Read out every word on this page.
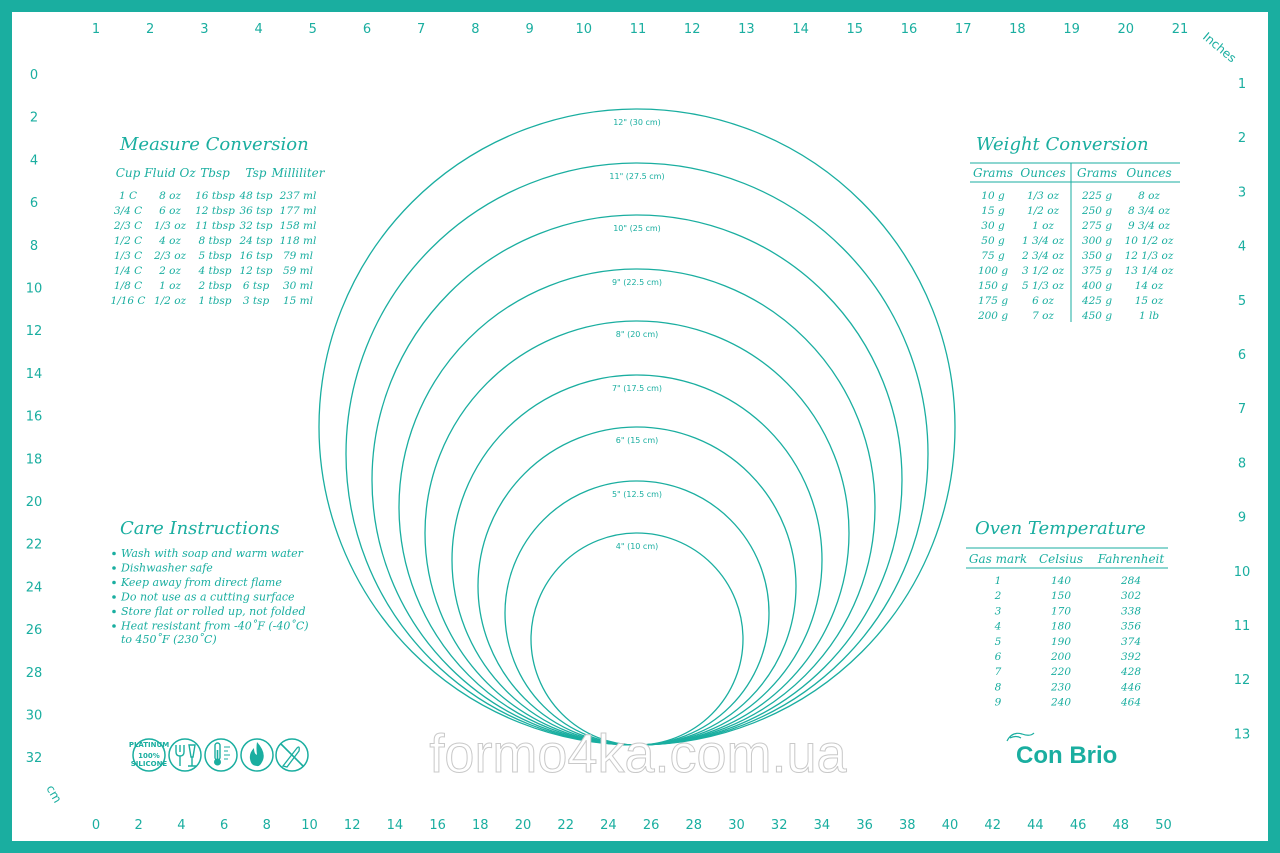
1	2	3	4	5	6	7	8	9	10	11	12	13	14	15	16	17	18	19	20	21
Inches
1
2
3
4
5
6
7
8
9
10
11
12
13
0
2
4
6
8
10
12
14
16
18
20
22
24
26
28
30
32
0	2	4	6	8 10 12 14 16 18 20 22 24 26 28 30 32 34 36 38 40 42 44 46 48 50
cm
12" (30 cm)
11" (27.5 cm)
10" (25 cm)
9" (22.5 cm)
8" (20 cm)
7" (17.5 cm)
6" (15 cm)
5" (12.5 cm)
4" (10 cm)
Measure Conversion
Cup Fluid Oz Tbsp Tsp Milliliter
1 C 8 oz 16 tbsp 48 tsp 237 ml
3/4 C 6 oz 12 tbsp 36 tsp 177 ml
2/3 C 1/3 oz 11 tbsp 32 tsp 158 ml
1/2 C 4 oz 8 tbsp 24 tsp 118 ml
1/3 C 2/3 oz 5 tbsp 16 tsp 79 ml
1/4 C 2 oz 4 tbsp 12 tsp 59 ml
1/8 C 1 oz 2 tbsp 6 tsp 30 ml
1/16 C 1/2 oz 1 tbsp 3 tsp 15 ml
Weight Conversion
Grams Ounces Grams Ounces
10 g 1/3 oz 225 g 8 oz
15 g 1/2 oz 250 g 8 3/4 oz
30 g	1 oz	275 g 9 3/4 oz
50 g 1 3/4 oz 300 g 10 1/2 oz
75 g 2 3/4 oz 350 g 12 1/3 oz
100 g 3 1/2 oz 375 g 13 1/4 oz
150 g 5 1/3 oz 400 g 14 oz
175 g 6 oz	425 g 15 oz
200 g 7 oz	450 g	1 lb
Care Instructions
Wash with soap and warm water
Dishwasher safe
Keep away from direct flame
Do not use as a cutting surface
Store flat or rolled up, not folded
Heat resistant from -40˚F (-40˚C)
to 450˚F (230˚C)
Oven Temperature
Gas mark Celsius Fahrenheit
1	140	284
2	150	302
3	170	338
4	180	356
5	190	374
6	200	392
7	220	428
8	230	446
9	240	464
PLATINUM
100%
SILICONE	formo4ka.com.ua	Con Brio
